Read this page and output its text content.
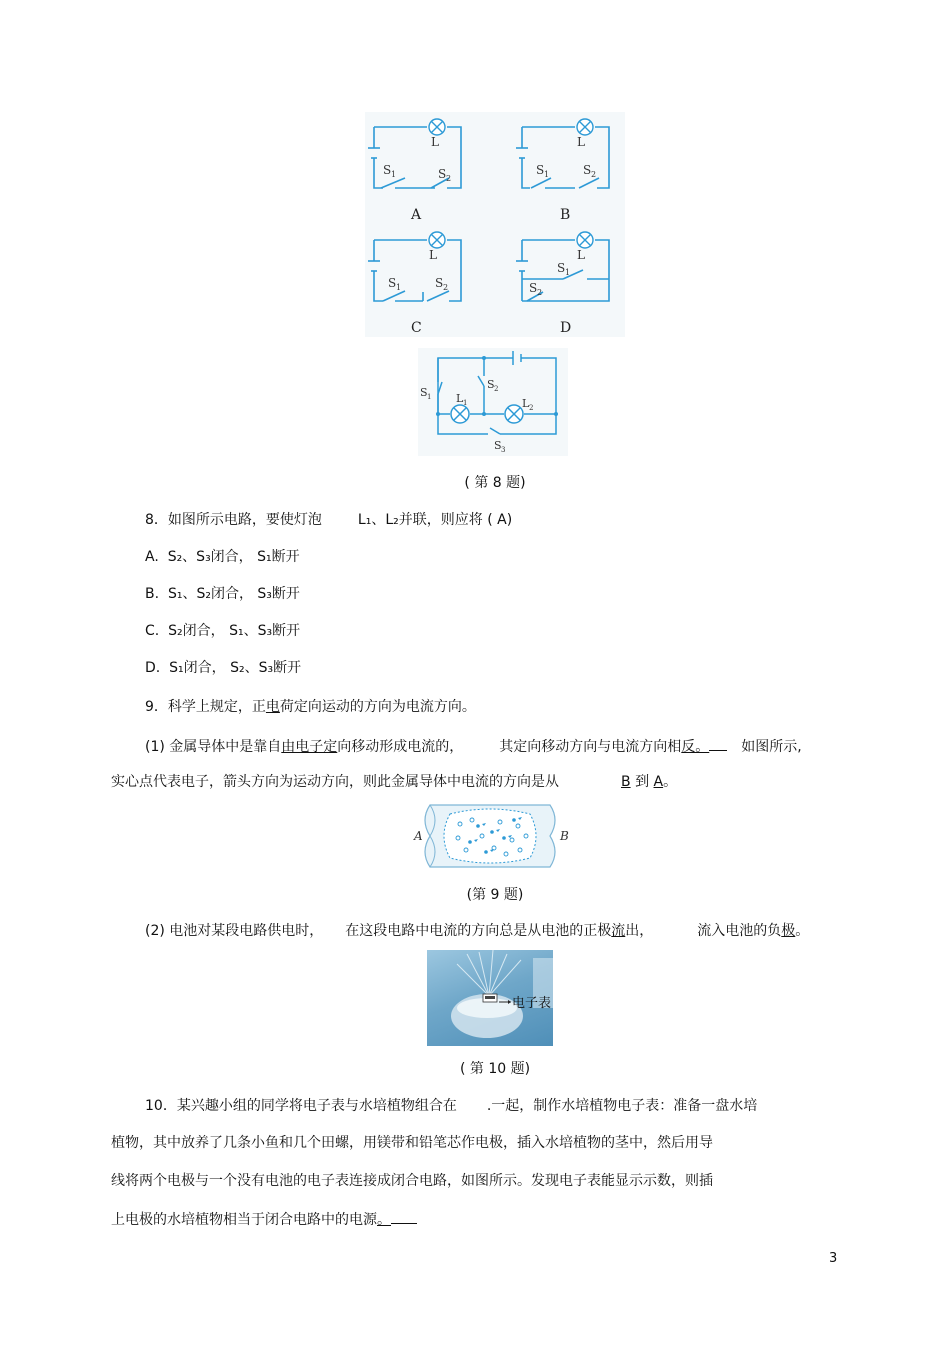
L	L
L	L
S 1	S 2
S 1	S 2
S 1	S 2
S 1
S 2
A	B
C	D
S 1
S 2
S 3
L 1	L 2
( 第 8 题)
8．如图所示电路，要使灯泡	L₁、L₂并联，则应将 ( A)
A. S₂、S₃闭合， S₁断开
B. S₁、S₂闭合， S₃断开
C. S₂闭合， S₁、S₃断开
D. S₁闭合， S₂、S₃断开
9．科学上规定，正电荷定向运动的方向为电流方向。
(1) 金属导体中是靠自由电子定向移动形成电流的，	其定向移动方向与电流方向相反。 如图所示,
实心点代表电子，箭头方向为运动方向，则此金属导体中电流的方向是从	B 到 A。
A	B
(第 9 题)
(2) 电池对某段电路供电时， 在这段电路中电流的方向总是从电池的正极流出，	流入电池的负极。
电子表
( 第 10 题)
10．某兴趣小组的同学将电子表与水培植物组合在 .一起，制作水培植物电子表：准备一盘水培
植物，其中放养了几条小鱼和几个田螺，用镁带和铅笔芯作电极，插入水培植物的茎中，然后用导
线将两个电极与一个没有电池的电子表连接成闭合电路，如图所示。发现电子表能显示示数，则插
上电极的水培植物相当于闭合电路中的电源。
3
